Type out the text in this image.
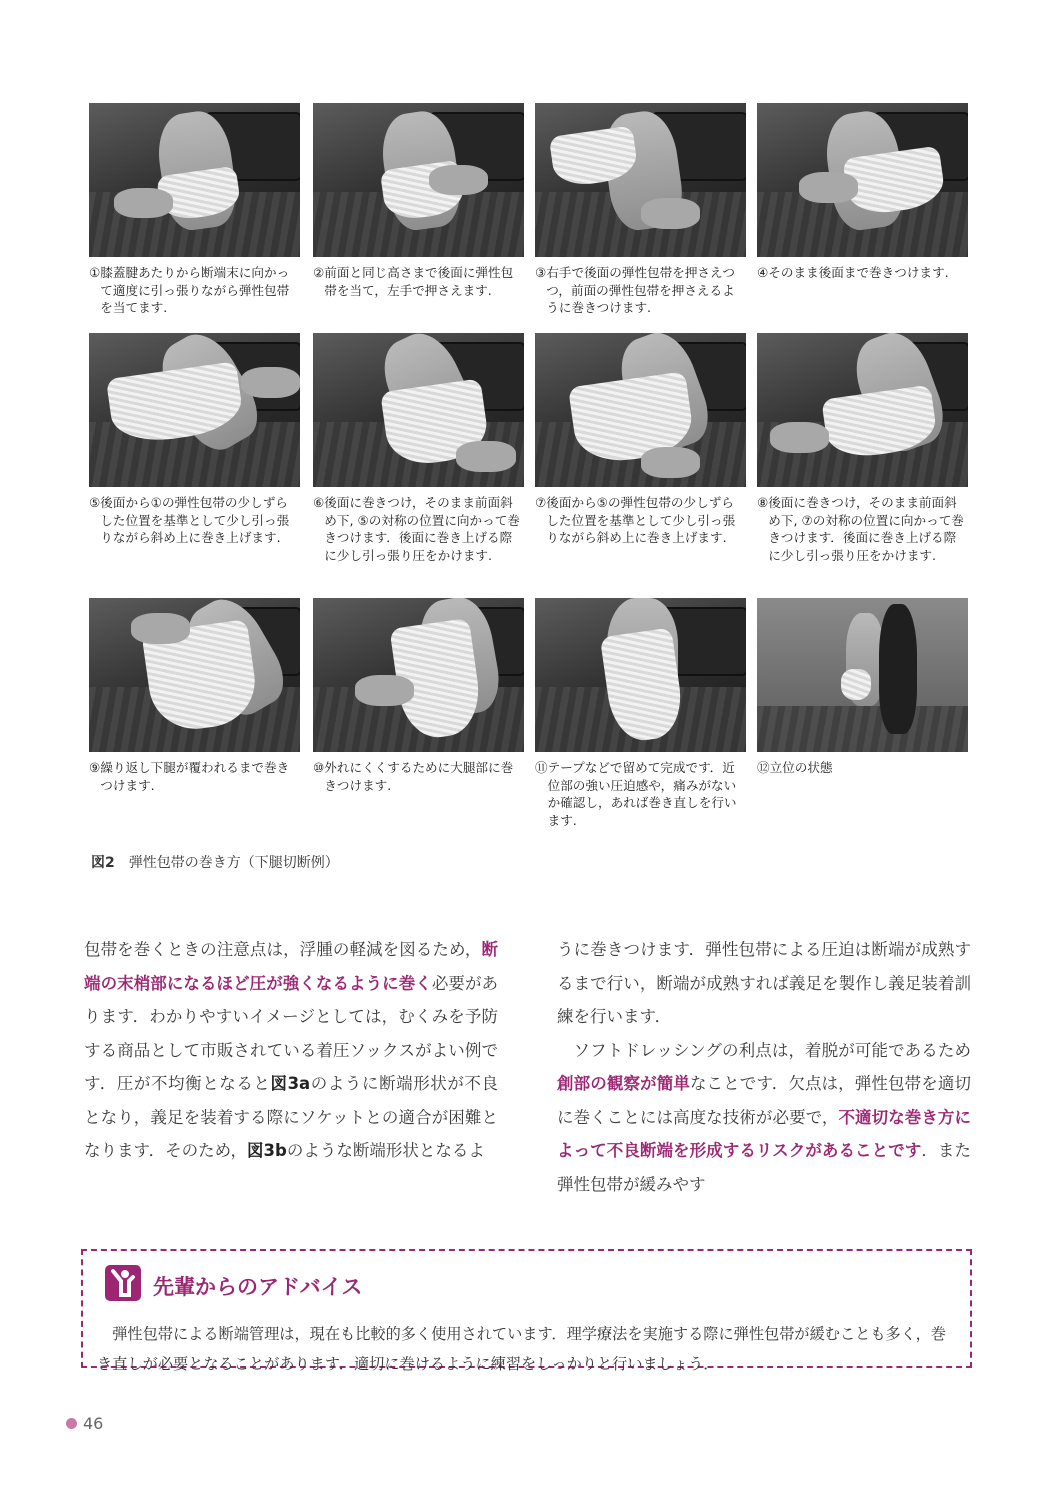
① 膝蓋腱あたりから断端末に向かって適度に引っ張りながら弾性包帯を当てます.
② 前面と同じ高さまで後面に弾性包帯を当て，左手で押さえます.
③ 右手で後面の弾性包帯を押さえつつ，前面の弾性包帯を押さえるように巻きつけます.
④ そのまま後面まで巻きつけます.
⑤ 後面から①の弾性包帯の少しずらした位置を基準として少し引っ張りながら斜め上に巻き上げます.
⑥ 後面に巻きつけ，そのまま前面斜め下, ⑤の対称の位置に向かって巻きつけます．後面に巻き上げる際に少し引っ張り圧をかけます.
⑦ 後面から⑤の弾性包帯の少しずらした位置を基準として少し引っ張りながら斜め上に巻き上げます.
⑧ 後面に巻きつけ，そのまま前面斜め下, ⑦の対称の位置に向かって巻きつけます．後面に巻き上げる際に少し引っ張り圧をかけます.
⑨ 繰り返し下腿が覆われるまで巻きつけます.
⑩ 外れにくくするために大腿部に巻きつけます.
⑪ テープなどで留めて完成です．近位部の強い圧迫感や，痛みがないか確認し，あれば巻き直しを行います.
⑫ 立位の状態
図2 弾性包帯の巻き方（下腿切断例）

包帯を巻くときの注意点は，浮腫の軽減を図るため，断端の末梢部になるほど圧が強くなるように巻く必要があります．わかりやすいイメージとしては，むくみを予防する商品として市販されている着圧ソックスがよい例です．圧が不均衡となると図3aのように断端形状が不良となり，義足を装着する際にソケットとの適合が困難となります．そのため，図3bのような断端形状となるよ

うに巻きつけます．弾性包帯による圧迫は断端が成熟するまで行い，断端が成熟すれば義足を製作し義足装着訓練を行います．

ソフトドレッシングの利点は，着脱が可能であるため創部の観察が簡単なことです．欠点は，弾性包帯を適切に巻くことには高度な技術が必要で，不適切な巻き方によって不良断端を形成するリスクがあることです．また弾性包帯が緩みやす

先輩からのアドバイス

弾性包帯による断端管理は，現在も比較的多く使用されています．理学療法を実施する際に弾性包帯が緩むことも多く，巻き直しが必要となることがあります．適切に巻けるように練習をしっかりと行いましょう．

46
